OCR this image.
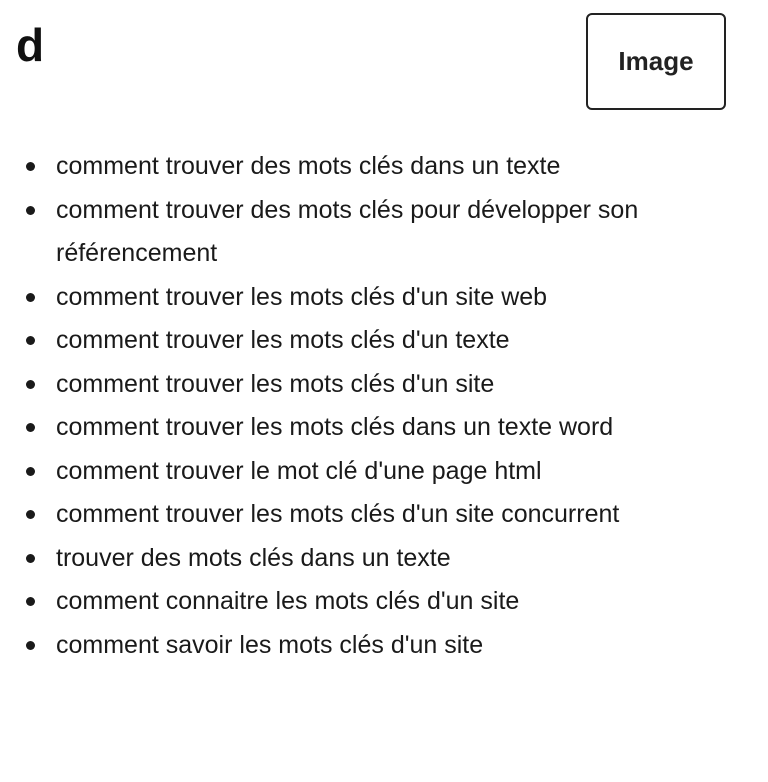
d	Image
comment trouver des mots clés dans un texte
comment trouver des mots clés pour développer son référencement
comment trouver les mots clés d'un site web
comment trouver les mots clés d'un texte
comment trouver les mots clés d'un site
comment trouver les mots clés dans un texte word
comment trouver le mot clé d'une page html
comment trouver les mots clés d'un site concurrent
trouver des mots clés dans un texte
comment connaitre les mots clés d'un site
comment savoir les mots clés d'un site
